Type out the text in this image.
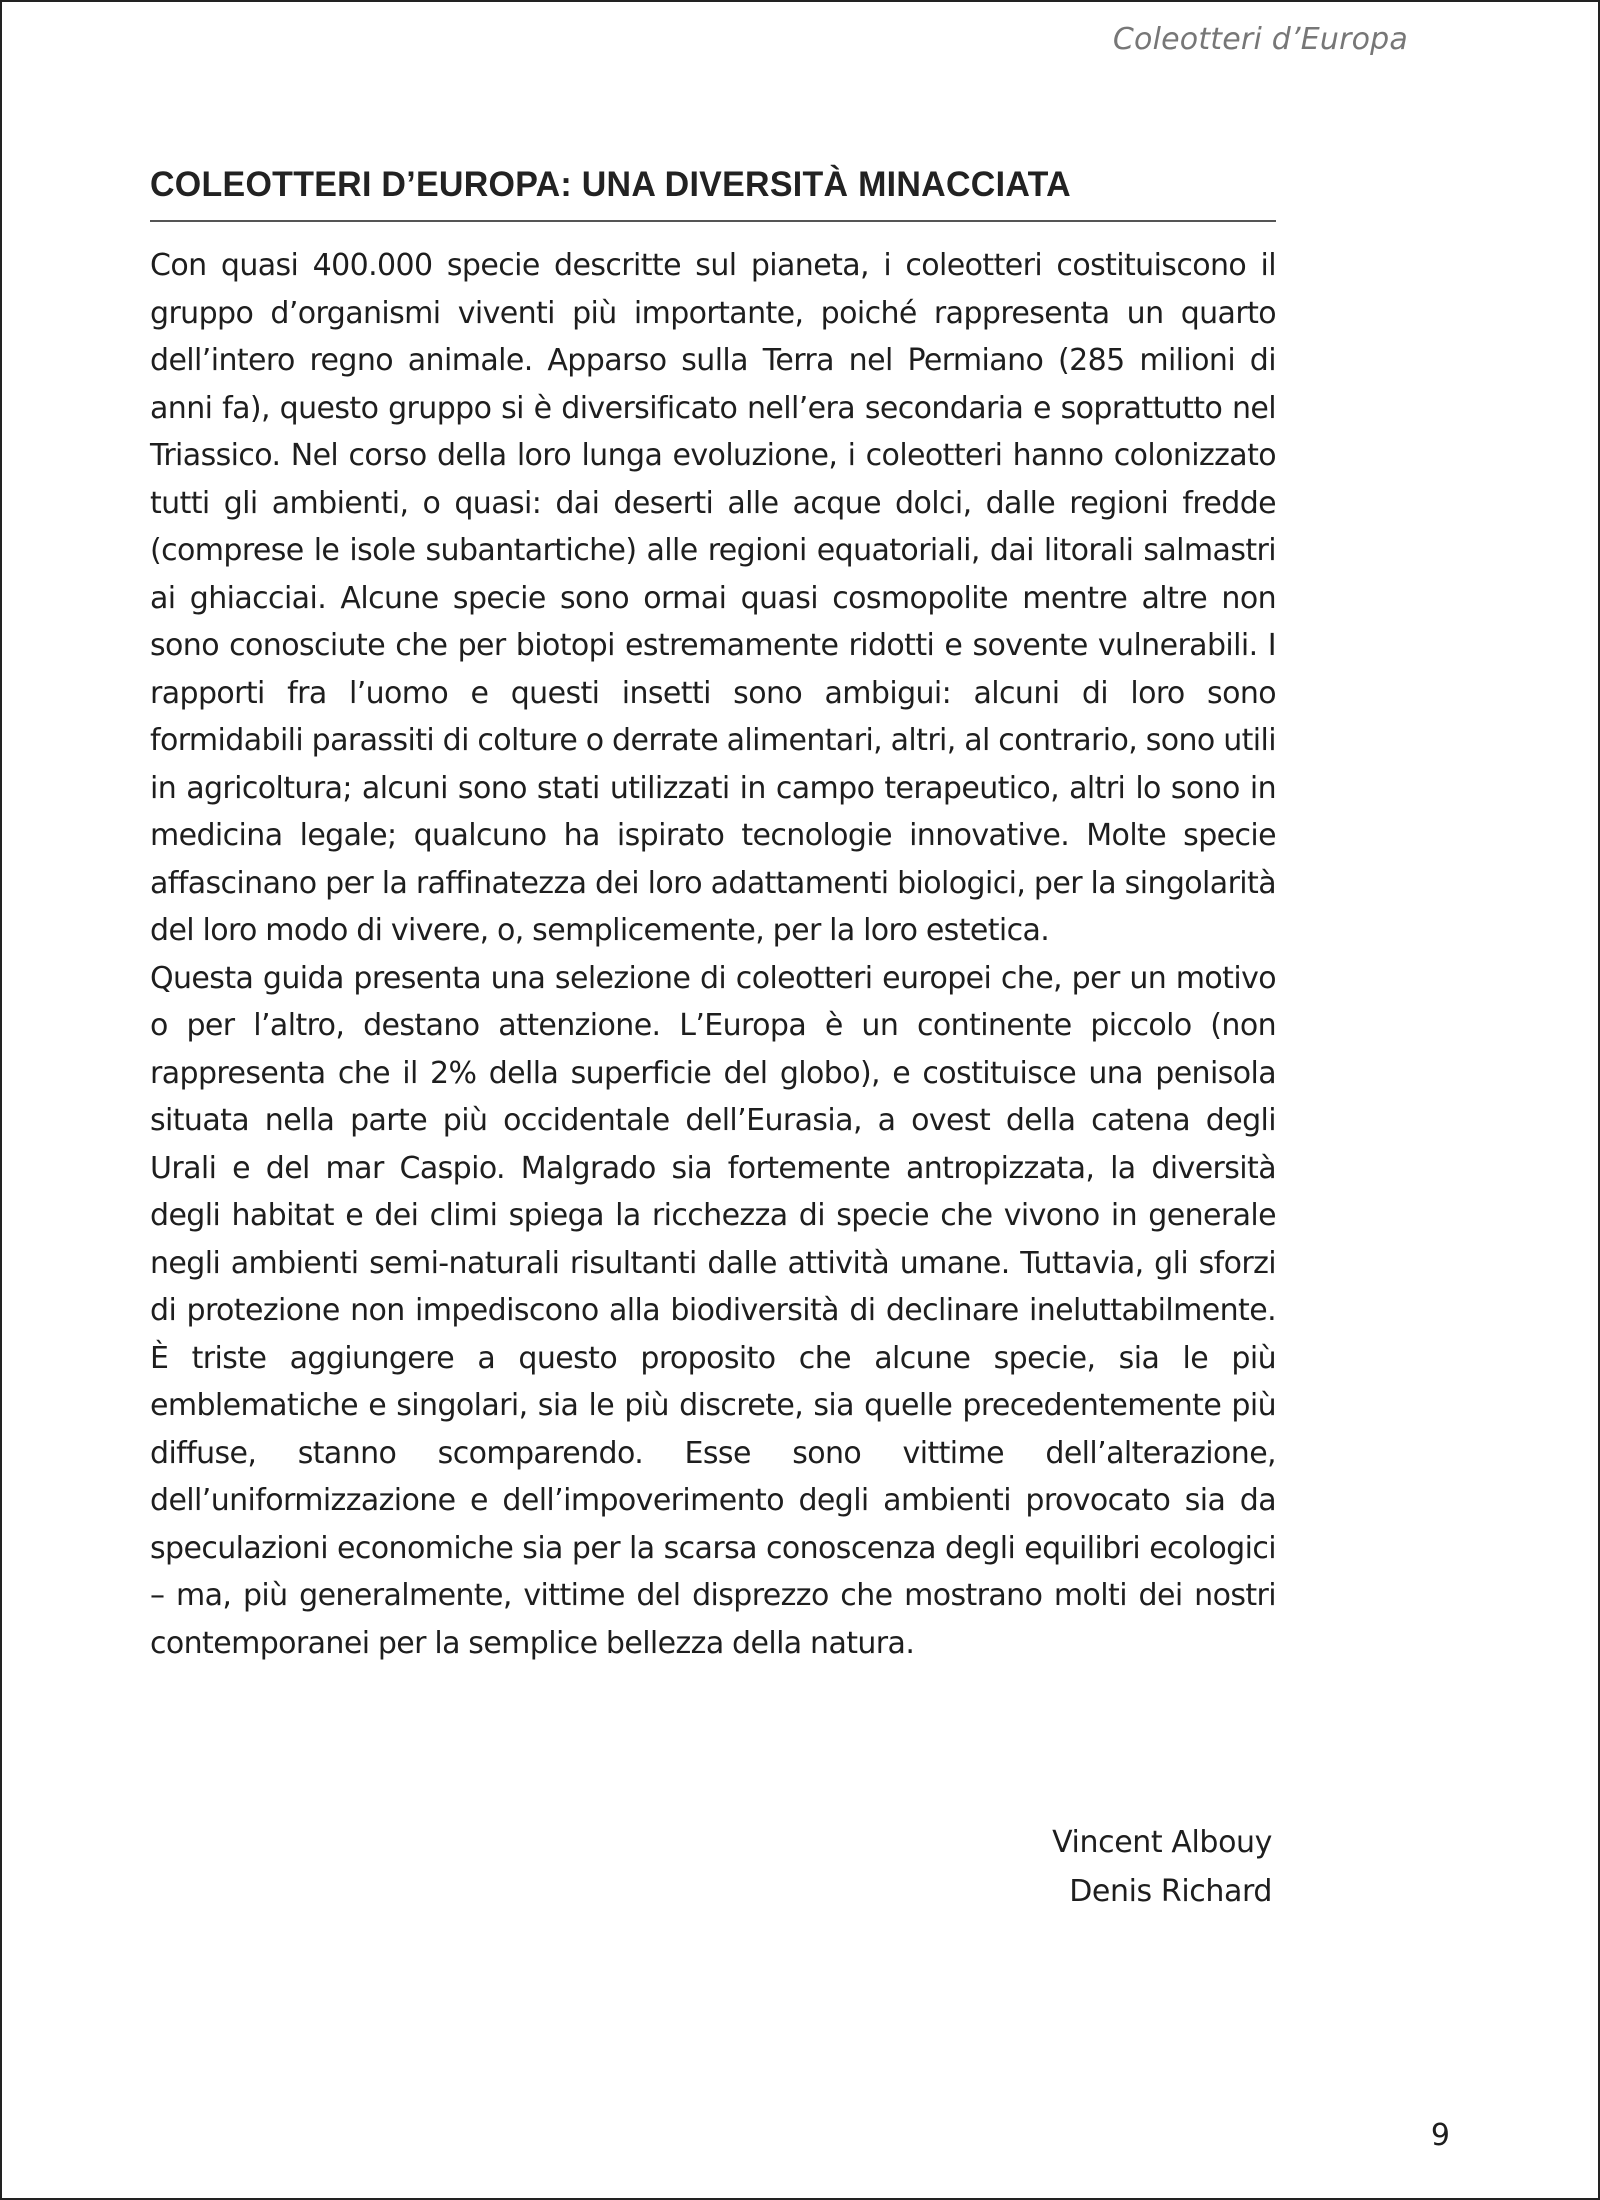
Coleotteri d’Europa
COLEOTTERI D’EUROPA: UNA DIVERSITÀ MINACCIATA

Con quasi 400.000 specie descritte sul pianeta, i coleotteri costituiscono il gruppo d’organismi viventi più importante, poiché rappresenta un quarto dell’intero regno animale. Apparso sulla Terra nel Permiano (285 milioni di anni fa), questo gruppo si è diversificato nell’era secondaria e soprattutto nel Triassico. Nel corso della loro lunga evoluzione, i coleotteri hanno colonizzato tutti gli ambienti, o quasi: dai deserti alle acque dolci, dalle regioni fredde (comprese le isole subantartiche) alle regioni equatoriali, dai litorali salmastri ai ghiacciai. Alcune specie sono ormai quasi cosmopolite mentre altre non sono conosciute che per biotopi estremamente ridotti e sovente vulnerabili. I rapporti fra l’uomo e questi insetti sono ambigui: alcuni di loro sono formidabili parassiti di colture o derrate alimentari, altri, al contrario, sono utili in agricoltura; alcuni sono stati utilizzati in campo terapeutico, altri lo sono in medicina legale; qualcuno ha ispirato tecnologie innovative. Molte specie affascinano per la raffinatezza dei loro adattamenti biologici, per la singolarità del loro modo di vivere, o, semplicemente, per la loro estetica.

Questa guida presenta una selezione di coleotteri europei che, per un motivo o per l’altro, destano attenzione. L’Europa è un continente piccolo (non rappresenta che il 2% della superficie del globo), e costituisce una penisola situata nella parte più occidentale dell’Eurasia, a ovest della catena degli Urali e del mar Caspio. Malgrado sia fortemente antropizzata, la diversità degli habitat e dei climi spiega la ricchezza di specie che vivono in generale negli ambienti semi-naturali risultanti dalle attività umane. Tuttavia, gli sforzi di protezione non impediscono alla biodiversità di declinare ineluttabilmente. È triste aggiungere a questo proposito che alcune specie, sia le più emblematiche e singolari, sia le più discrete, sia quelle precedentemente più diffuse, stanno scomparendo. Esse sono vittime dell’alterazione, dell’uniformizzazione e dell’impoverimento degli ambienti provocato sia da speculazioni economiche sia per la scarsa conoscenza degli equilibri ecologici – ma, più generalmente, vittime del disprezzo che mostrano molti dei nostri contemporanei per la semplice bellezza della natura.

Vincent Albouy
Denis Richard
9
